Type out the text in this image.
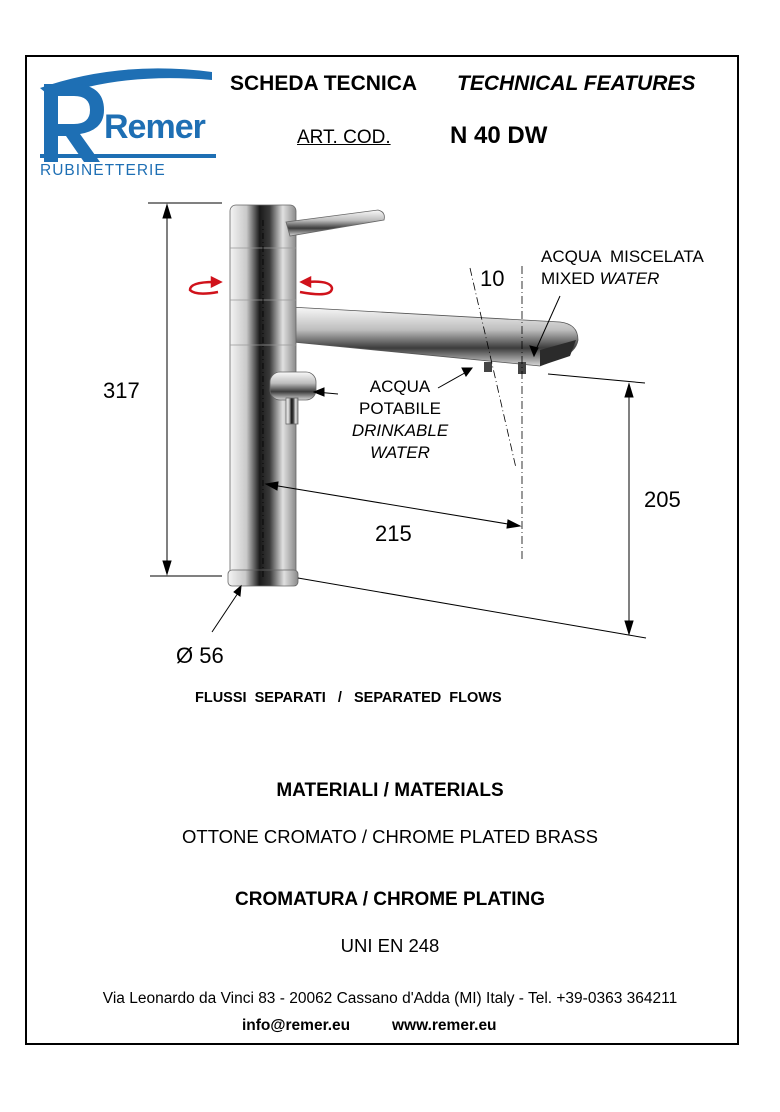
Remer
RUBINETTERIE
SCHEDA TECNICA TECHNICAL FEATURES
ART. COD. N 40 DW
317
10
215
205
Ø 56
ACQUA  MISCELATA
MIXED WATER
ACQUA
POTABILE
DRINKABLE
WATER
FLUSSI  SEPARATI   /   SEPARATED  FLOWS
MATERIALI / MATERIALS
OTTONE CROMATO / CHROME PLATED BRASS
CROMATURA / CHROME PLATING
UNI EN 248
Via Leonardo da Vinci 83 - 20062 Cassano d'Adda (MI) Italy - Tel. +39-0363 364211
info@remer.eu	www.remer.eu
